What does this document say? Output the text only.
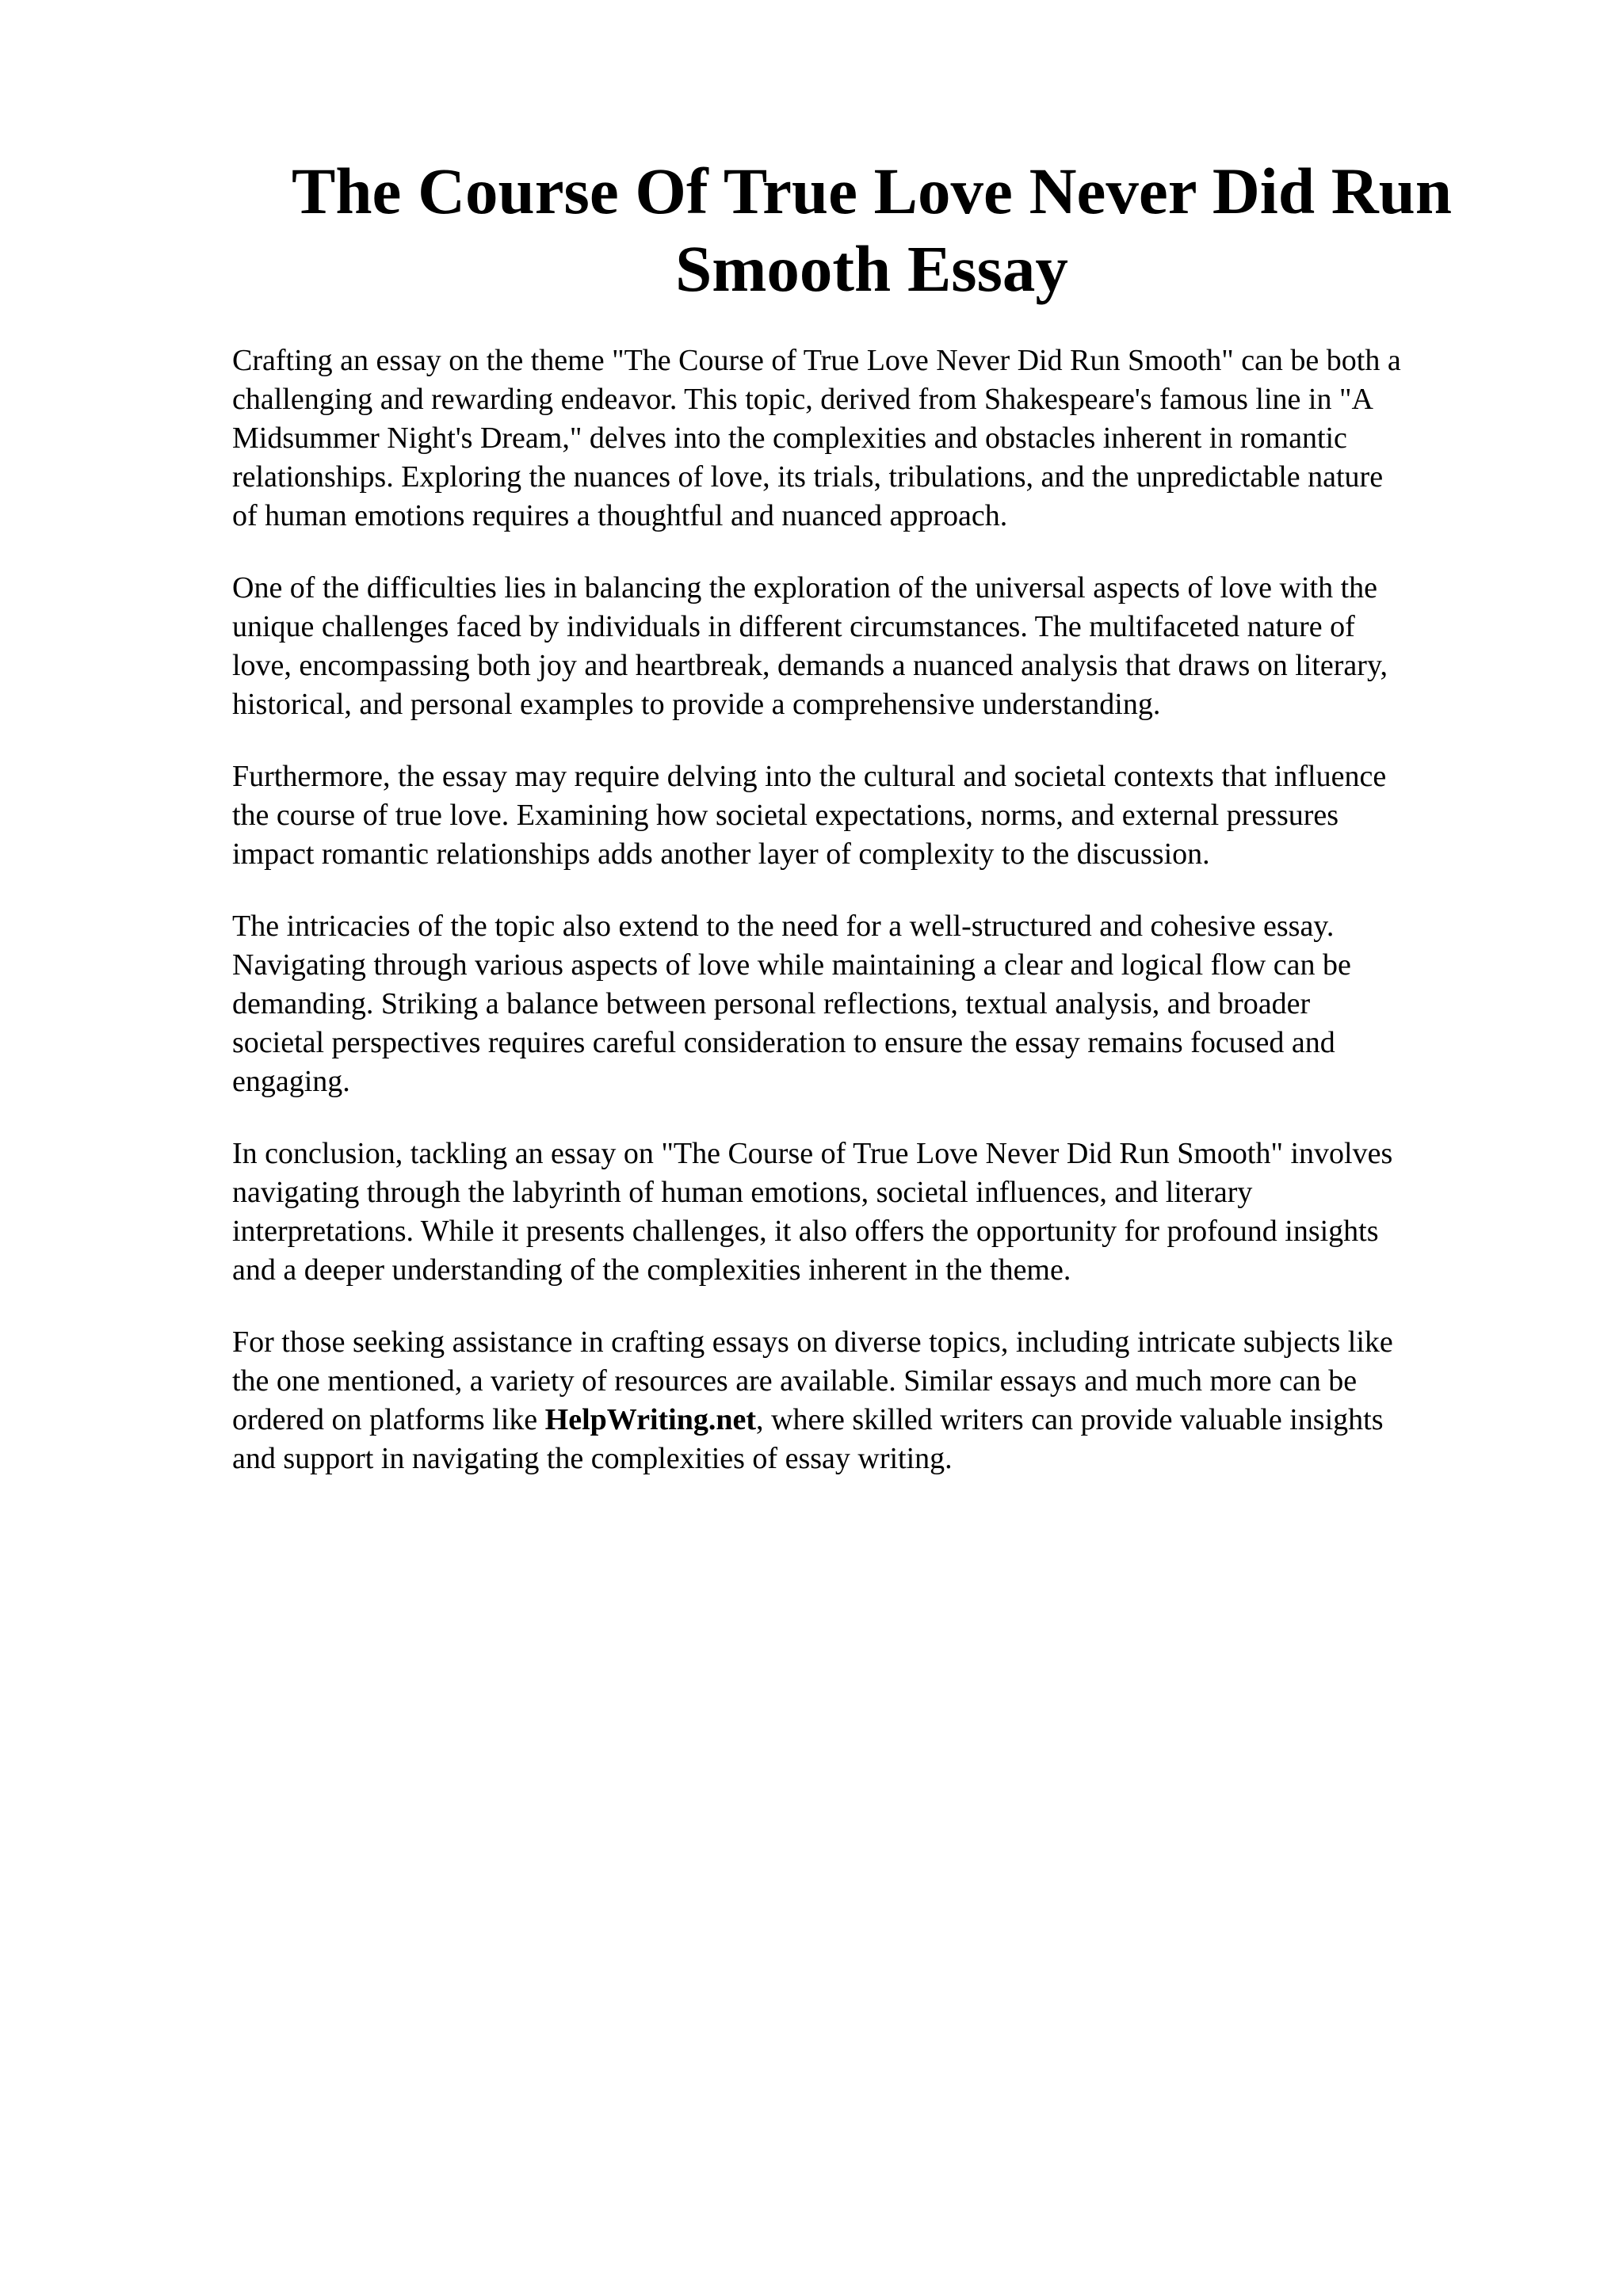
The Course Of True Love Never Did Run
Smooth Essay

Crafting an essay on the theme "The Course of True Love Never Did Run Smooth" can be both a
challenging and rewarding endeavor. This topic, derived from Shakespeare's famous line in "A
Midsummer Night's Dream," delves into the complexities and obstacles inherent in romantic
relationships. Exploring the nuances of love, its trials, tribulations, and the unpredictable nature
of human emotions requires a thoughtful and nuanced approach.

One of the difficulties lies in balancing the exploration of the universal aspects of love with the
unique challenges faced by individuals in different circumstances. The multifaceted nature of
love, encompassing both joy and heartbreak, demands a nuanced analysis that draws on literary,
historical, and personal examples to provide a comprehensive understanding.

Furthermore, the essay may require delving into the cultural and societal contexts that influence
the course of true love. Examining how societal expectations, norms, and external pressures
impact romantic relationships adds another layer of complexity to the discussion.

The intricacies of the topic also extend to the need for a well-structured and cohesive essay.
Navigating through various aspects of love while maintaining a clear and logical flow can be
demanding. Striking a balance between personal reflections, textual analysis, and broader
societal perspectives requires careful consideration to ensure the essay remains focused and
engaging.

In conclusion, tackling an essay on "The Course of True Love Never Did Run Smooth" involves
navigating through the labyrinth of human emotions, societal influences, and literary
interpretations. While it presents challenges, it also offers the opportunity for profound insights
and a deeper understanding of the complexities inherent in the theme.

For those seeking assistance in crafting essays on diverse topics, including intricate subjects like
the one mentioned, a variety of resources are available. Similar essays and much more can be
ordered on platforms like HelpWriting.net, where skilled writers can provide valuable insights
and support in navigating the complexities of essay writing.
